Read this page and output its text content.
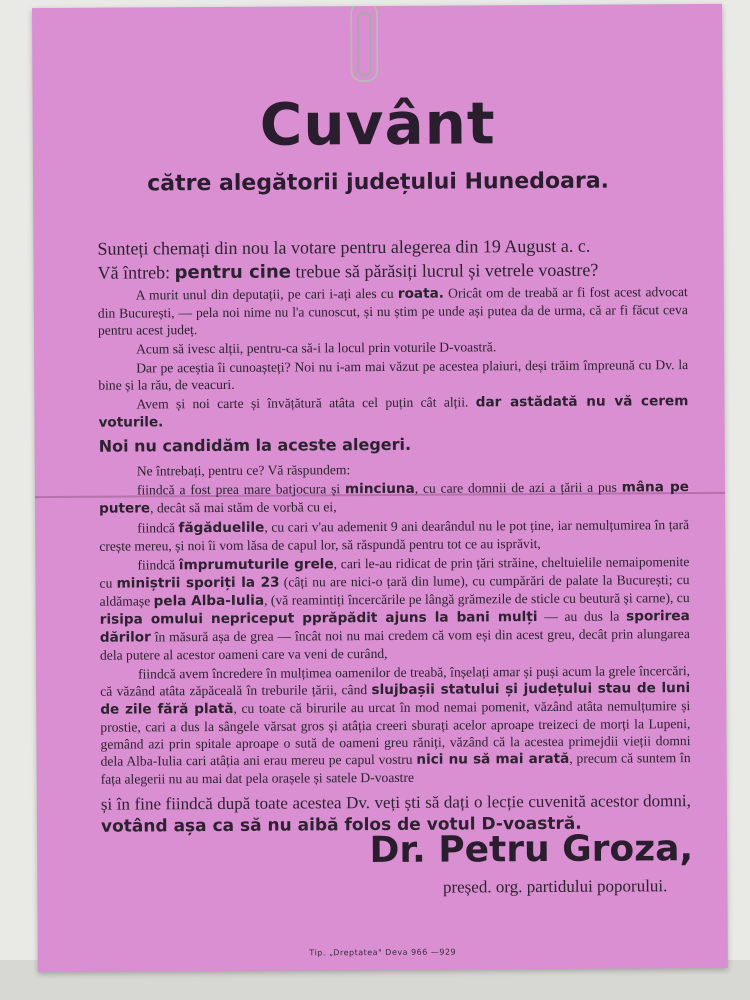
Cuvânt
către alegătorii județului Hunedoara.

Sunteți chemați din nou la votare pentru alegerea din 19 August a. c.

Vă întreb: pentru cine trebue să părăsiți lucrul și vetrele voastre?

A murit unul din deputații, pe cari i-ați ales cu roata. Oricât om de treabă ar fi fost acest advocat din București, — pela noi nime nu l'a cunoscut, și nu știm pe unde ași putea da de urma, că ar fi făcut ceva pentru acest județ.

Acum să ivesc alții, pentru-ca să-i la locul prin voturile D-voastră.

Dar pe aceștia îi cunoașteți? Noi nu i-am mai văzut pe acestea plaiuri, deși trăim împreună cu Dv. la bine și la rău, de veacuri.

Avem și noi carte și învățătură atâta cel puțin cât alții. dar astădată nu vă cerem voturile.

Noi nu candidăm la aceste alegeri.

Ne întrebați, pentru ce? Vă răspundem:

fiindcă a fost prea mare batjocura și minciuna, cu care domnii de azi a țării a pus mâna pe putere, decât să mai stăm de vorbă cu ei,

fiindcă făgăduelile, cu cari v'au ademenit 9 ani dearândul nu le pot ține, iar nemulțumirea în țară crește mereu, și noi îi vom lăsa de capul lor, să răspundă pentru tot ce au isprăvit,

fiindcă împrumuturile grele, cari le-au ridicat de prin țări străine, cheltuielile nemaipomenite cu miniștrii sporiți la 23 (câți nu are nici-o țară din lume), cu cumpărări de palate la București; cu aldămașe pela Alba-Iulia, (vă reamintiți încercările pe lângă grămezile de sticle cu beutură și carne), cu risipa omului nepriceput pprăpădit ajuns la bani mulți — au dus la sporirea dărilor în măsură așa de grea — încât noi nu mai credem că vom eși din acest greu, decât prin alungarea dela putere al acestor oameni care va veni de curând,

fiindcă avem încredere în mulțimea oamenilor de treabă, înșelați amar și puși acum la grele încercări, că văzând atâta zăpăceală în treburile țării, când slujbașii statului și județului stau de luni de zile fără plată, cu toate că birurile au urcat în mod nemai pomenit, văzând atâta nemulțumire și prostie, cari a dus la sângele vărsat gros și atâția creeri sburați acelor aproape treizeci de morți la Lupeni, gemând azi prin spitale aproape o sută de oameni greu răniți, văzând că la acestea primejdii vieții domni dela Alba-Iulia cari atâția ani erau mereu pe capul vostru nici nu să mai arată, precum că suntem în fața alegerii nu au mai dat pela orașele și satele D-voastre

și în fine fiindcă după toate acestea Dv. veți ști să dați o lecție cuvenită acestor domni, votând așa ca să nu aibă folos de votul D-voastră.

Dr. Petru Groza,
președ. org. partidului poporului.
Tip. „Dreptatea" Deva 966 —929
